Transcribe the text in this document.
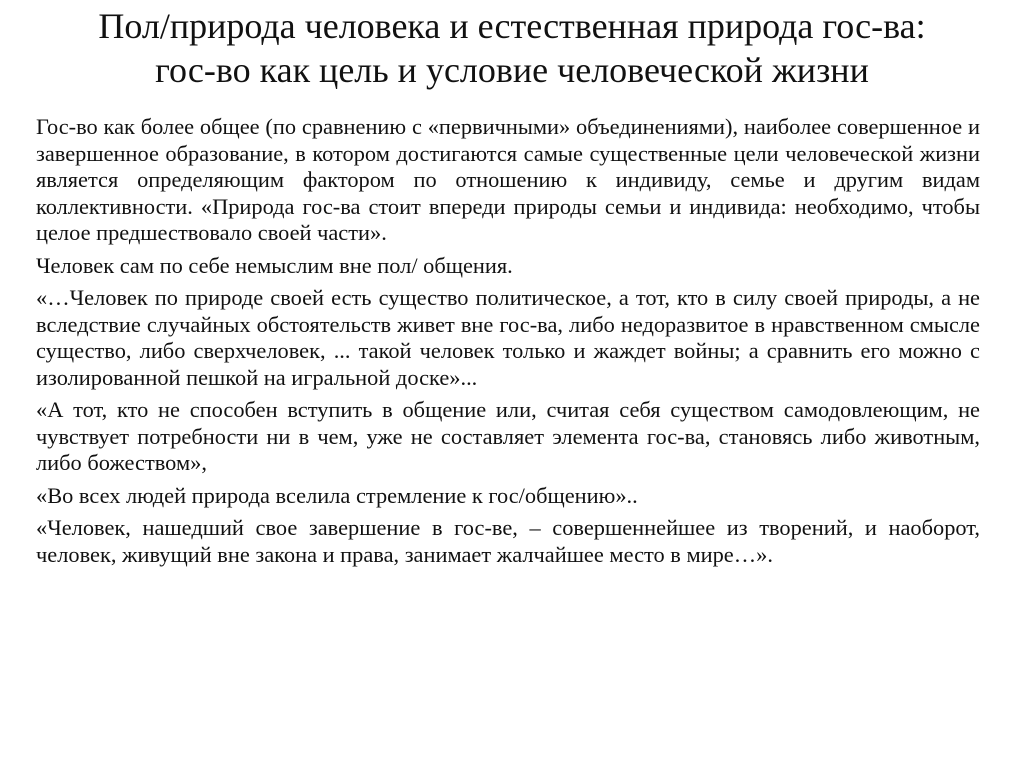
Пол/природа человека и естественная природа гос-ва:
гос-во как цель и условие человеческой жизни

Гос-во как более общее (по сравнению с «первичными» объединениями), наиболее совершенное и завершенное образование, в котором достигаются самые существенные цели человеческой жизни является определяющим фактором по отношению к индивиду, семье и другим видам коллективности. «Природа гос-ва стоит впереди природы семьи и индивида: необходимо, чтобы целое предшествовало своей части».

Человек сам по себе немыслим вне пол/ общения.

«…Человек по природе своей есть существо политическое, а тот, кто в силу своей природы, а не вследствие случайных обстоятельств живет вне гос-ва, либо недоразвитое в нравственном смысле существо, либо сверхчеловек, ... такой человек только и жаждет войны; а сравнить его можно с изолированной пешкой на игральной доске»...

«А тот, кто не способен вступить в общение или, считая себя существом самодовлеющим, не чувствует потребности ни в чем, уже не составляет элемента гос-ва, становясь либо животным, либо божеством»,

«Во всех людей природа вселила стремление к гос/общению»..

«Человек, нашедший свое завершение в гос-ве, – совершеннейшее из творений, и наоборот, человек, живущий вне закона и права, занимает жалчайшее место в мире…».
